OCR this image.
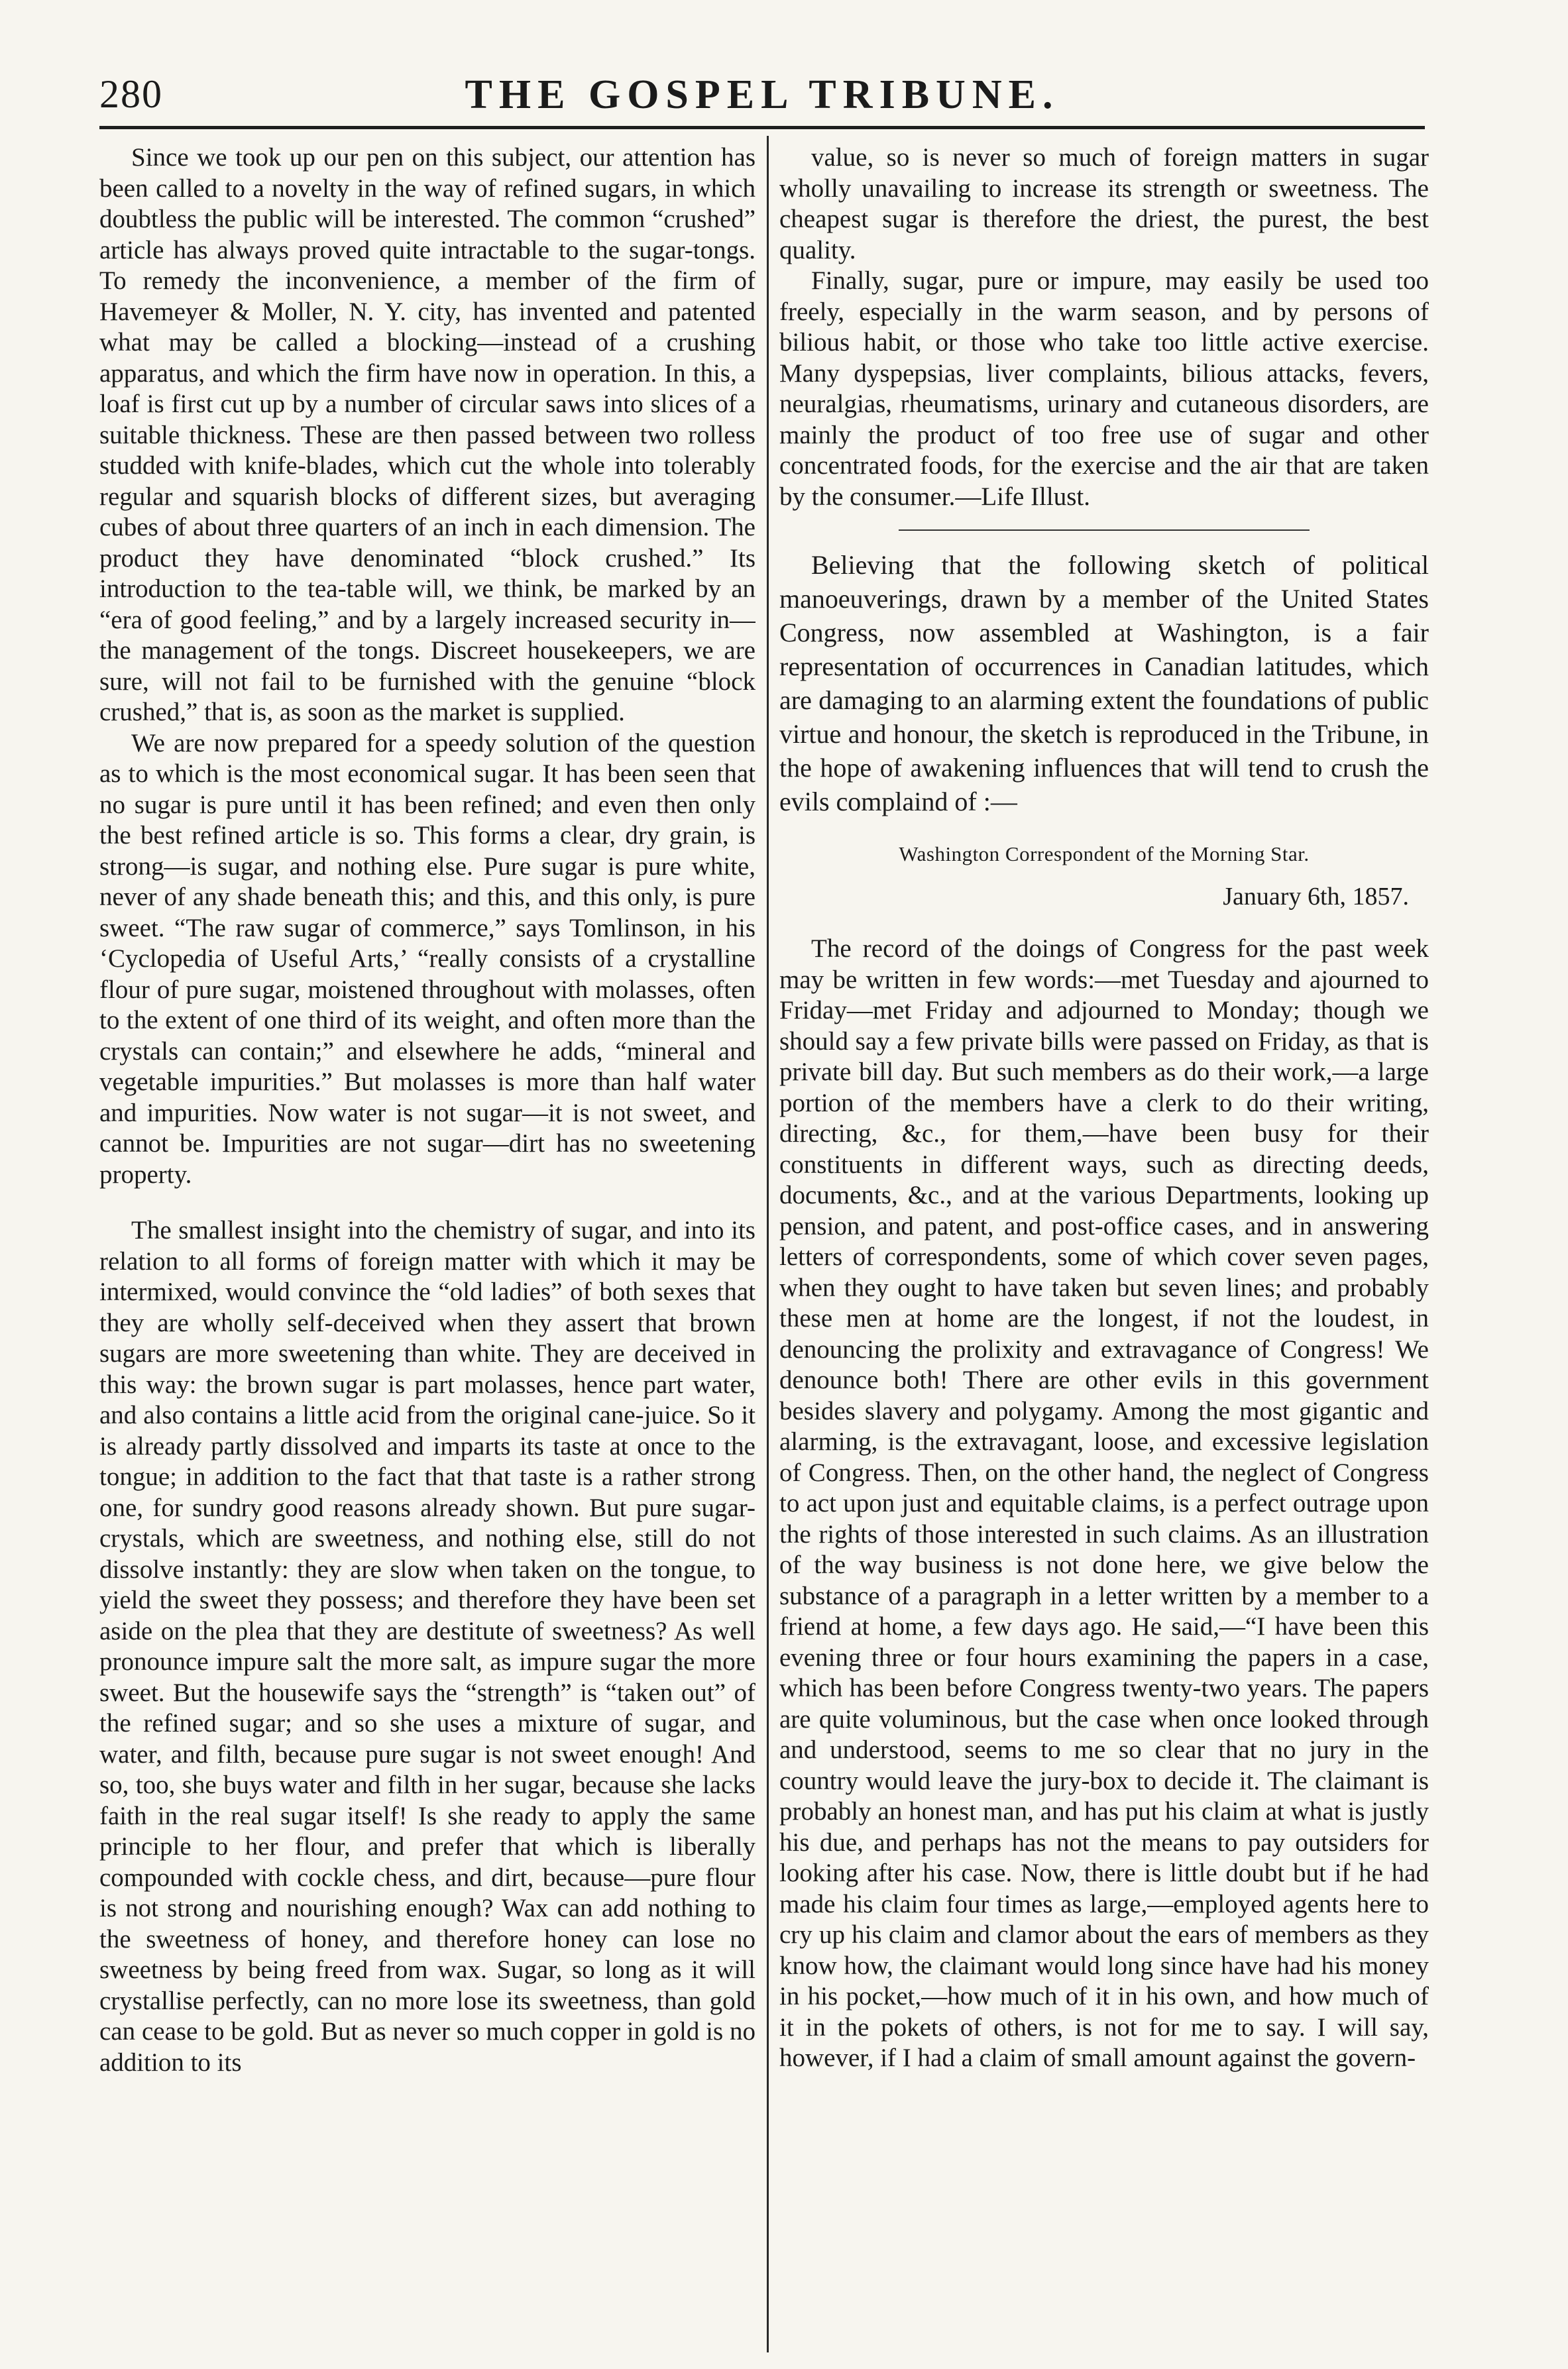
280	THE GOSPEL TRIBUNE.

Since we took up our pen on this subject, our attention has been called to a novelty in the way of refined sugars, in which doubtless the public will be interested. The common “crushed” article has always proved quite intractable to the sugar-tongs. To remedy the inconvenience, a member of the firm of Havemeyer & Moller, N. Y. city, has invented and patented what may be called a blocking—instead of a crushing apparatus, and which the firm have now in operation. In this, a loaf is first cut up by a number of circular saws into slices of a suitable thickness. These are then passed between two rolless studded with knife-blades, which cut the whole into tolerably regular and squarish blocks of different sizes, but averaging cubes of about three quarters of an inch in each dimension. The product they have denominated “block crushed.” Its introduction to the tea-table will, we think, be marked by an “era of good feeling,” and by a largely increased security in—the management of the tongs. Discreet housekeepers, we are sure, will not fail to be furnished with the genuine “block crushed,” that is, as soon as the market is supplied.

We are now prepared for a speedy solution of the question as to which is the most economical sugar. It has been seen that no sugar is pure until it has been refined; and even then only the best refined article is so. This forms a clear, dry grain, is strong—is sugar, and nothing else. Pure sugar is pure white, never of any shade beneath this; and this, and this only, is pure sweet. “The raw sugar of commerce,” says Tomlinson, in his ‘Cyclopedia of Useful Arts,’ “really consists of a crystalline flour of pure sugar, moistened throughout with molasses, often to the extent of one third of its weight, and often more than the crystals can contain;” and elsewhere he adds, “mineral and vegetable impurities.” But molasses is more than half water and impurities. Now water is not sugar—it is not sweet, and cannot be. Impurities are not sugar—dirt has no sweetening property.

The smallest insight into the chemistry of sugar, and into its relation to all forms of foreign matter with which it may be intermixed, would convince the “old ladies” of both sexes that they are wholly self-deceived when they assert that brown sugars are more sweetening than white. They are deceived in this way: the brown sugar is part molasses, hence part water, and also contains a little acid from the original cane-juice. So it is already partly dissolved and imparts its taste at once to the tongue; in addition to the fact that that taste is a rather strong one, for sundry good reasons already shown. But pure sugar-crystals, which are sweetness, and nothing else, still do not dissolve instantly: they are slow when taken on the tongue, to yield the sweet they possess; and therefore they have been set aside on the plea that they are destitute of sweetness? As well pronounce impure salt the more salt, as impure sugar the more sweet. But the housewife says the “strength” is “taken out” of the refined sugar; and so she uses a mixture of sugar, and water, and filth, because pure sugar is not sweet enough! And so, too, she buys water and filth in her sugar, because she lacks faith in the real sugar itself! Is she ready to apply the same principle to her flour, and prefer that which is liberally compounded with cockle chess, and dirt, because—pure flour is not strong and nourishing enough? Wax can add nothing to the sweetness of honey, and therefore honey can lose no sweetness by being freed from wax. Sugar, so long as it will crystallise perfectly, can no more lose its sweetness, than gold can cease to be gold. But as never so much copper in gold is no addition to its

value, so is never so much of foreign matters in sugar wholly unavailing to increase its strength or sweetness. The cheapest sugar is therefore the driest, the purest, the best quality.

Finally, sugar, pure or impure, may easily be used too freely, especially in the warm season, and by persons of bilious habit, or those who take too little active exercise. Many dyspepsias, liver complaints, bilious attacks, fevers, neuralgias, rheumatisms, urinary and cutaneous disorders, are mainly the product of too free use of sugar and other concentrated foods, for the exercise and the air that are taken by the consumer.—Life Illust.

Believing that the following sketch of political manoeuverings, drawn by a member of the United States Congress, now assembled at Washington, is a fair representation of occurrences in Canadian latitudes, which are damaging to an alarming extent the foundations of public virtue and honour, the sketch is reproduced in the Tribune, in the hope of awakening influences that will tend to crush the evils complaind of :—

Washington Correspondent of the Morning Star.
January 6th, 1857.

The record of the doings of Congress for the past week may be written in few words:—met Tuesday and ajourned to Friday—met Friday and adjourned to Monday; though we should say a few private bills were passed on Friday, as that is private bill day. But such members as do their work,—a large portion of the members have a clerk to do their writing, directing, &c., for them,—have been busy for their constituents in different ways, such as directing deeds, documents, &c., and at the various Departments, looking up pension, and patent, and post-office cases, and in answering letters of correspondents, some of which cover seven pages, when they ought to have taken but seven lines; and probably these men at home are the longest, if not the loudest, in denouncing the prolixity and extravagance of Congress! We denounce both! There are other evils in this government besides slavery and polygamy. Among the most gigantic and alarming, is the extravagant, loose, and excessive legislation of Congress. Then, on the other hand, the neglect of Congress to act upon just and equitable claims, is a perfect outrage upon the rights of those interested in such claims. As an illustration of the way business is not done here, we give below the substance of a paragraph in a letter written by a member to a friend at home, a few days ago. He said,—“I have been this evening three or four hours examining the papers in a case, which has been before Congress twenty-two years. The papers are quite voluminous, but the case when once looked through and understood, seems to me so clear that no jury in the country would leave the jury-box to decide it. The claimant is probably an honest man, and has put his claim at what is justly his due, and perhaps has not the means to pay outsiders for looking after his case. Now, there is little doubt but if he had made his claim four times as large,—employed agents here to cry up his claim and clamor about the ears of members as they know how, the claimant would long since have had his money in his pocket,—how much of it in his own, and how much of it in the pokets of others, is not for me to say. I will say, however, if I had a claim of small amount against the govern-
